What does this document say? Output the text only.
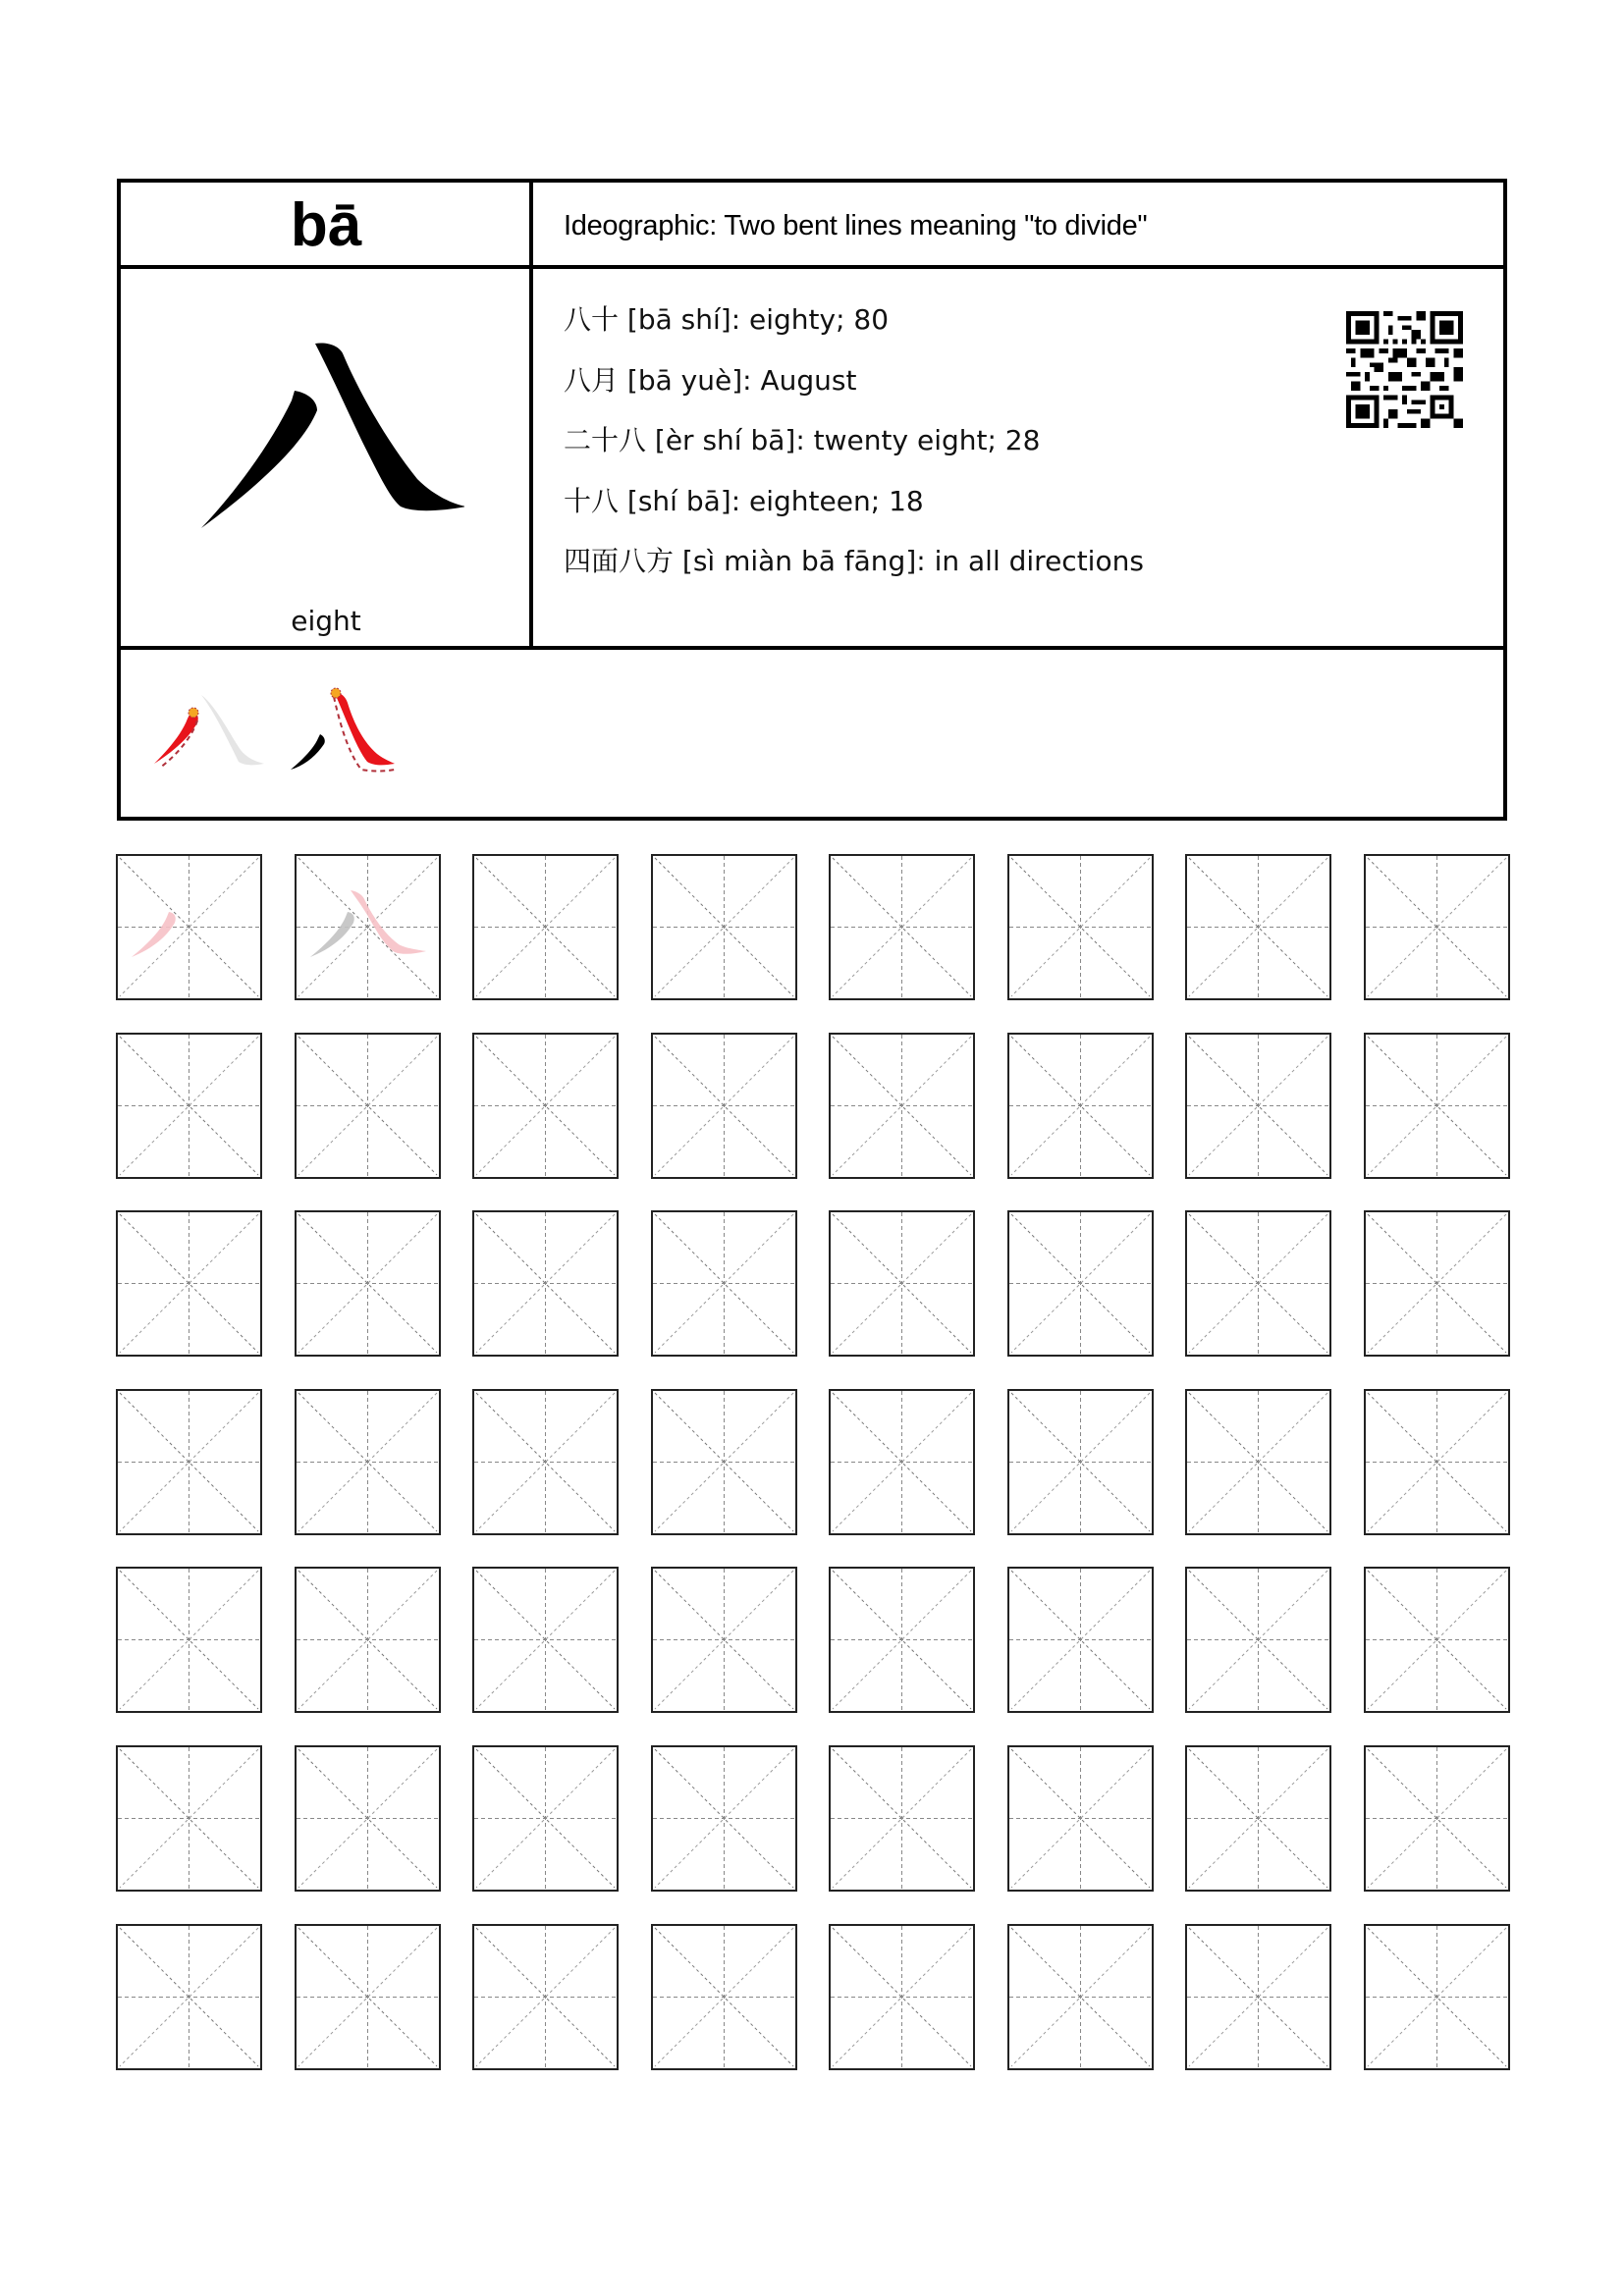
bā	Ideographic: Two bent lines meaning "to divide"
eight
八十 [bā shí]: eighty; 80
八月 [bā yuè]: August
二十八 [èr shí bā]: twenty eight; 28
十八 [shí bā]: eighteen; 18
四面八方 [sì miàn bā fāng]: in all directions
